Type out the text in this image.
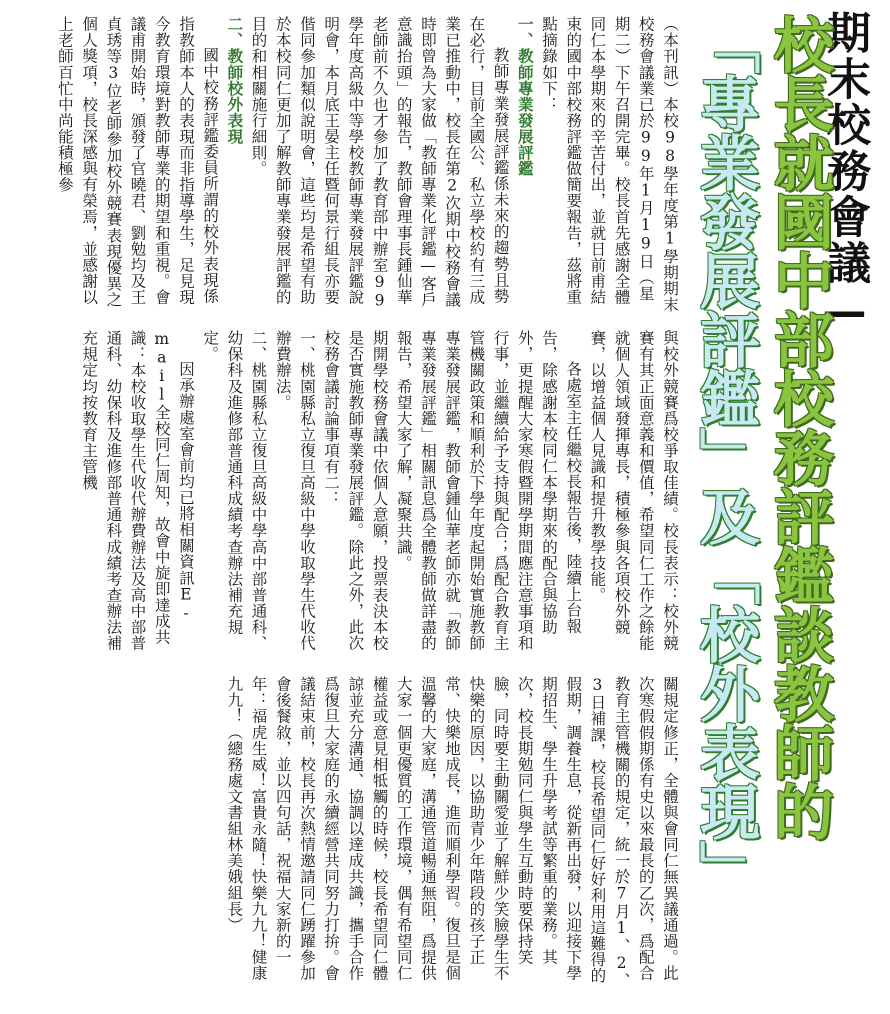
期末校務會議—
校長就國中部校務評鑑談教師的
「專業發展評鑑」及「校外表現」

（本刊訊）本校98學年度第1學期期末校務會議業已於99年1月19日（星期二）下午召開完畢。校長首先感謝全體同仁本學期來的辛苦付出，並就日前甫結束的國中部校務評鑑做簡要報告，茲將重點摘錄如下：

一、教師專業發展評鑑

教師專業發展評鑑係未來的趨勢且勢在必行，目前全國公、私立學校約有三成業已推動中，校長在第2次期中校務會議時即曾為大家做「教師專業化評鑑—客戶意識抬頭」的報告，教師會理事長鍾仙華老師前不久也才參加了教育部中辦室99學年度高級中等學校教師專業發展評鑑說明會，本月底王晏主任暨何景行組長亦要偕同參加類似說明會，這些均是希望有助於本校同仁更加了解教師專業發展評鑑的目的和相關施行細則。

二、教師校外表現

國中校務評鑑委員所謂的校外表現係指教師本人的表現而非指導學生，足見現今教育環境對教師專業的期望和重視。會議甫開始時，頒發了官曉君、劉勉均及王貞琇等3位老師參加校外競賽表現優異之個人獎項，校長深感與有榮焉，並感謝以上老師百忙中尚能積極參

與校外競賽爲校爭取佳績。校長表示：校外競賽有其正面意義和價值，希望同仁工作之餘能就個人領域發揮專長，積極參與各項校外競賽，以增益個人見識和提升教學技能。

各處室主任繼校長報告後，陸續上台報告，除感謝本校同仁本學期來的配合與協助外，更提醒大家寒假暨開學期間應注意事項和行事，並繼續給予支持與配合；爲配合教育主管機關政策和順利於下學年度起開始實施教師專業發展評鑑，教師會鍾仙華老師亦就「教師專業發展評鑑」相關訊息爲全體教師做詳盡的報告，希望大家了解，凝聚共識。

期開學校務會議中依個人意願，投票表決本校是否實施教師專業發展評鑑。除此之外，此次校務會議討論事項有二：

一、桃園縣私立復旦高級中學收取學生代收代辦費辦法。

二、桃園縣私立復旦高級中學高中部普通科、幼保科及進修部普通科成績考查辦法補充規定。

因承辦處室會前均已將相關資訊E-mail全校同仁周知，故會中旋即達成共識：本校收取學生代收代辦費辦法及高中部普通科、幼保科及進修部普通科成績考查辦法補充規定均按教育主管機

關規定修正，全體與會同仁無異議通過。此次寒假假期係有史以來最長的乙次，爲配合教育主管機關的規定，統一於7月1、2、3日補課，校長希望同仁好好利用這難得的假期，調養生息，從新再出發，以迎接下學期招生、學生升學考試等繁重的業務。其次，校長期勉同仁與學生互動時要保持笑臉，同時要主動關愛並了解鮮少笑臉學生不快樂的原因，以協助青少年階段的孩子正常、快樂地成長，進而順利學習。復旦是個溫馨的大家庭，溝通管道暢通無阻，爲提供大家一個更優質的工作環境，偶有希望同仁權益或意見相牴觸的時候，校長希望同仁體諒並充分溝通、協調以達成共識，攜手合作爲復旦大家庭的永續經營共同努力打拚。會議結束前，校長再次熱情邀請同仁踴躍參加會後餐敘，並以四句話，祝福大家新的一年：福虎生威！富貴永隨！快樂九九！健康九九！（總務處文書組林美娥組長）
